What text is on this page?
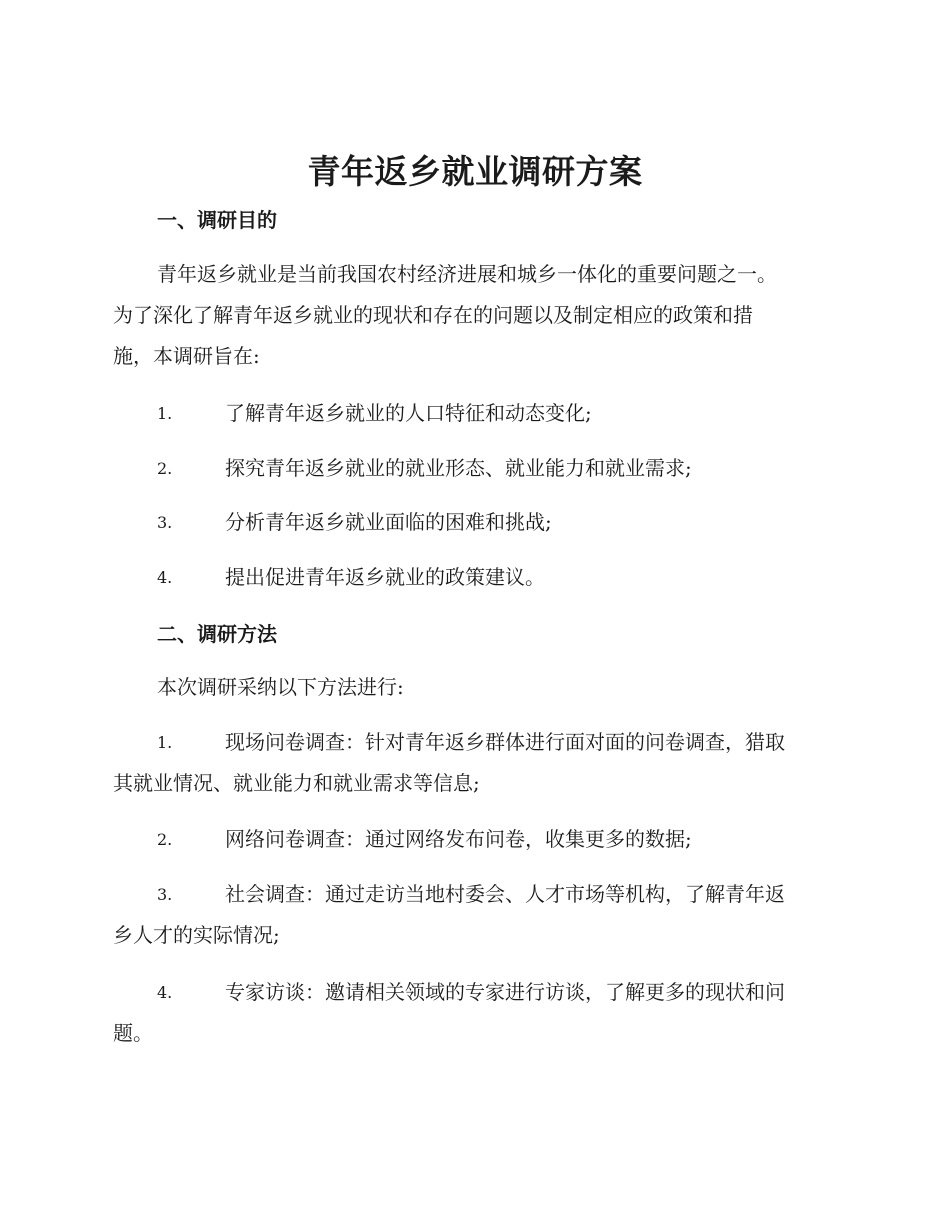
青年返乡就业调研方案
一、调研目的
青年返乡就业是当前我国农村经济进展和城乡一体化的重要问题之一。
为了深化了解青年返乡就业的现状和存在的问题以及制定相应的政策和措
施，本调研旨在:
1.	了解青年返乡就业的人口特征和动态变化;
2.	探究青年返乡就业的就业形态、就业能力和就业需求;
3.	分析青年返乡就业面临的困难和挑战;
4.	提出促进青年返乡就业的政策建议。
二、调研方法
本次调研采纳以下方法进行:
1.	现场问卷调查：针对青年返乡群体进行面对面的问卷调查，猎取
其就业情况、就业能力和就业需求等信息;
2.	网络问卷调查：通过网络发布问卷，收集更多的数据;
3.	社会调查：通过走访当地村委会、人才市场等机构，了解青年返
乡人才的实际情况;
4.	专家访谈：邀请相关领域的专家进行访谈，了解更多的现状和问
题。
